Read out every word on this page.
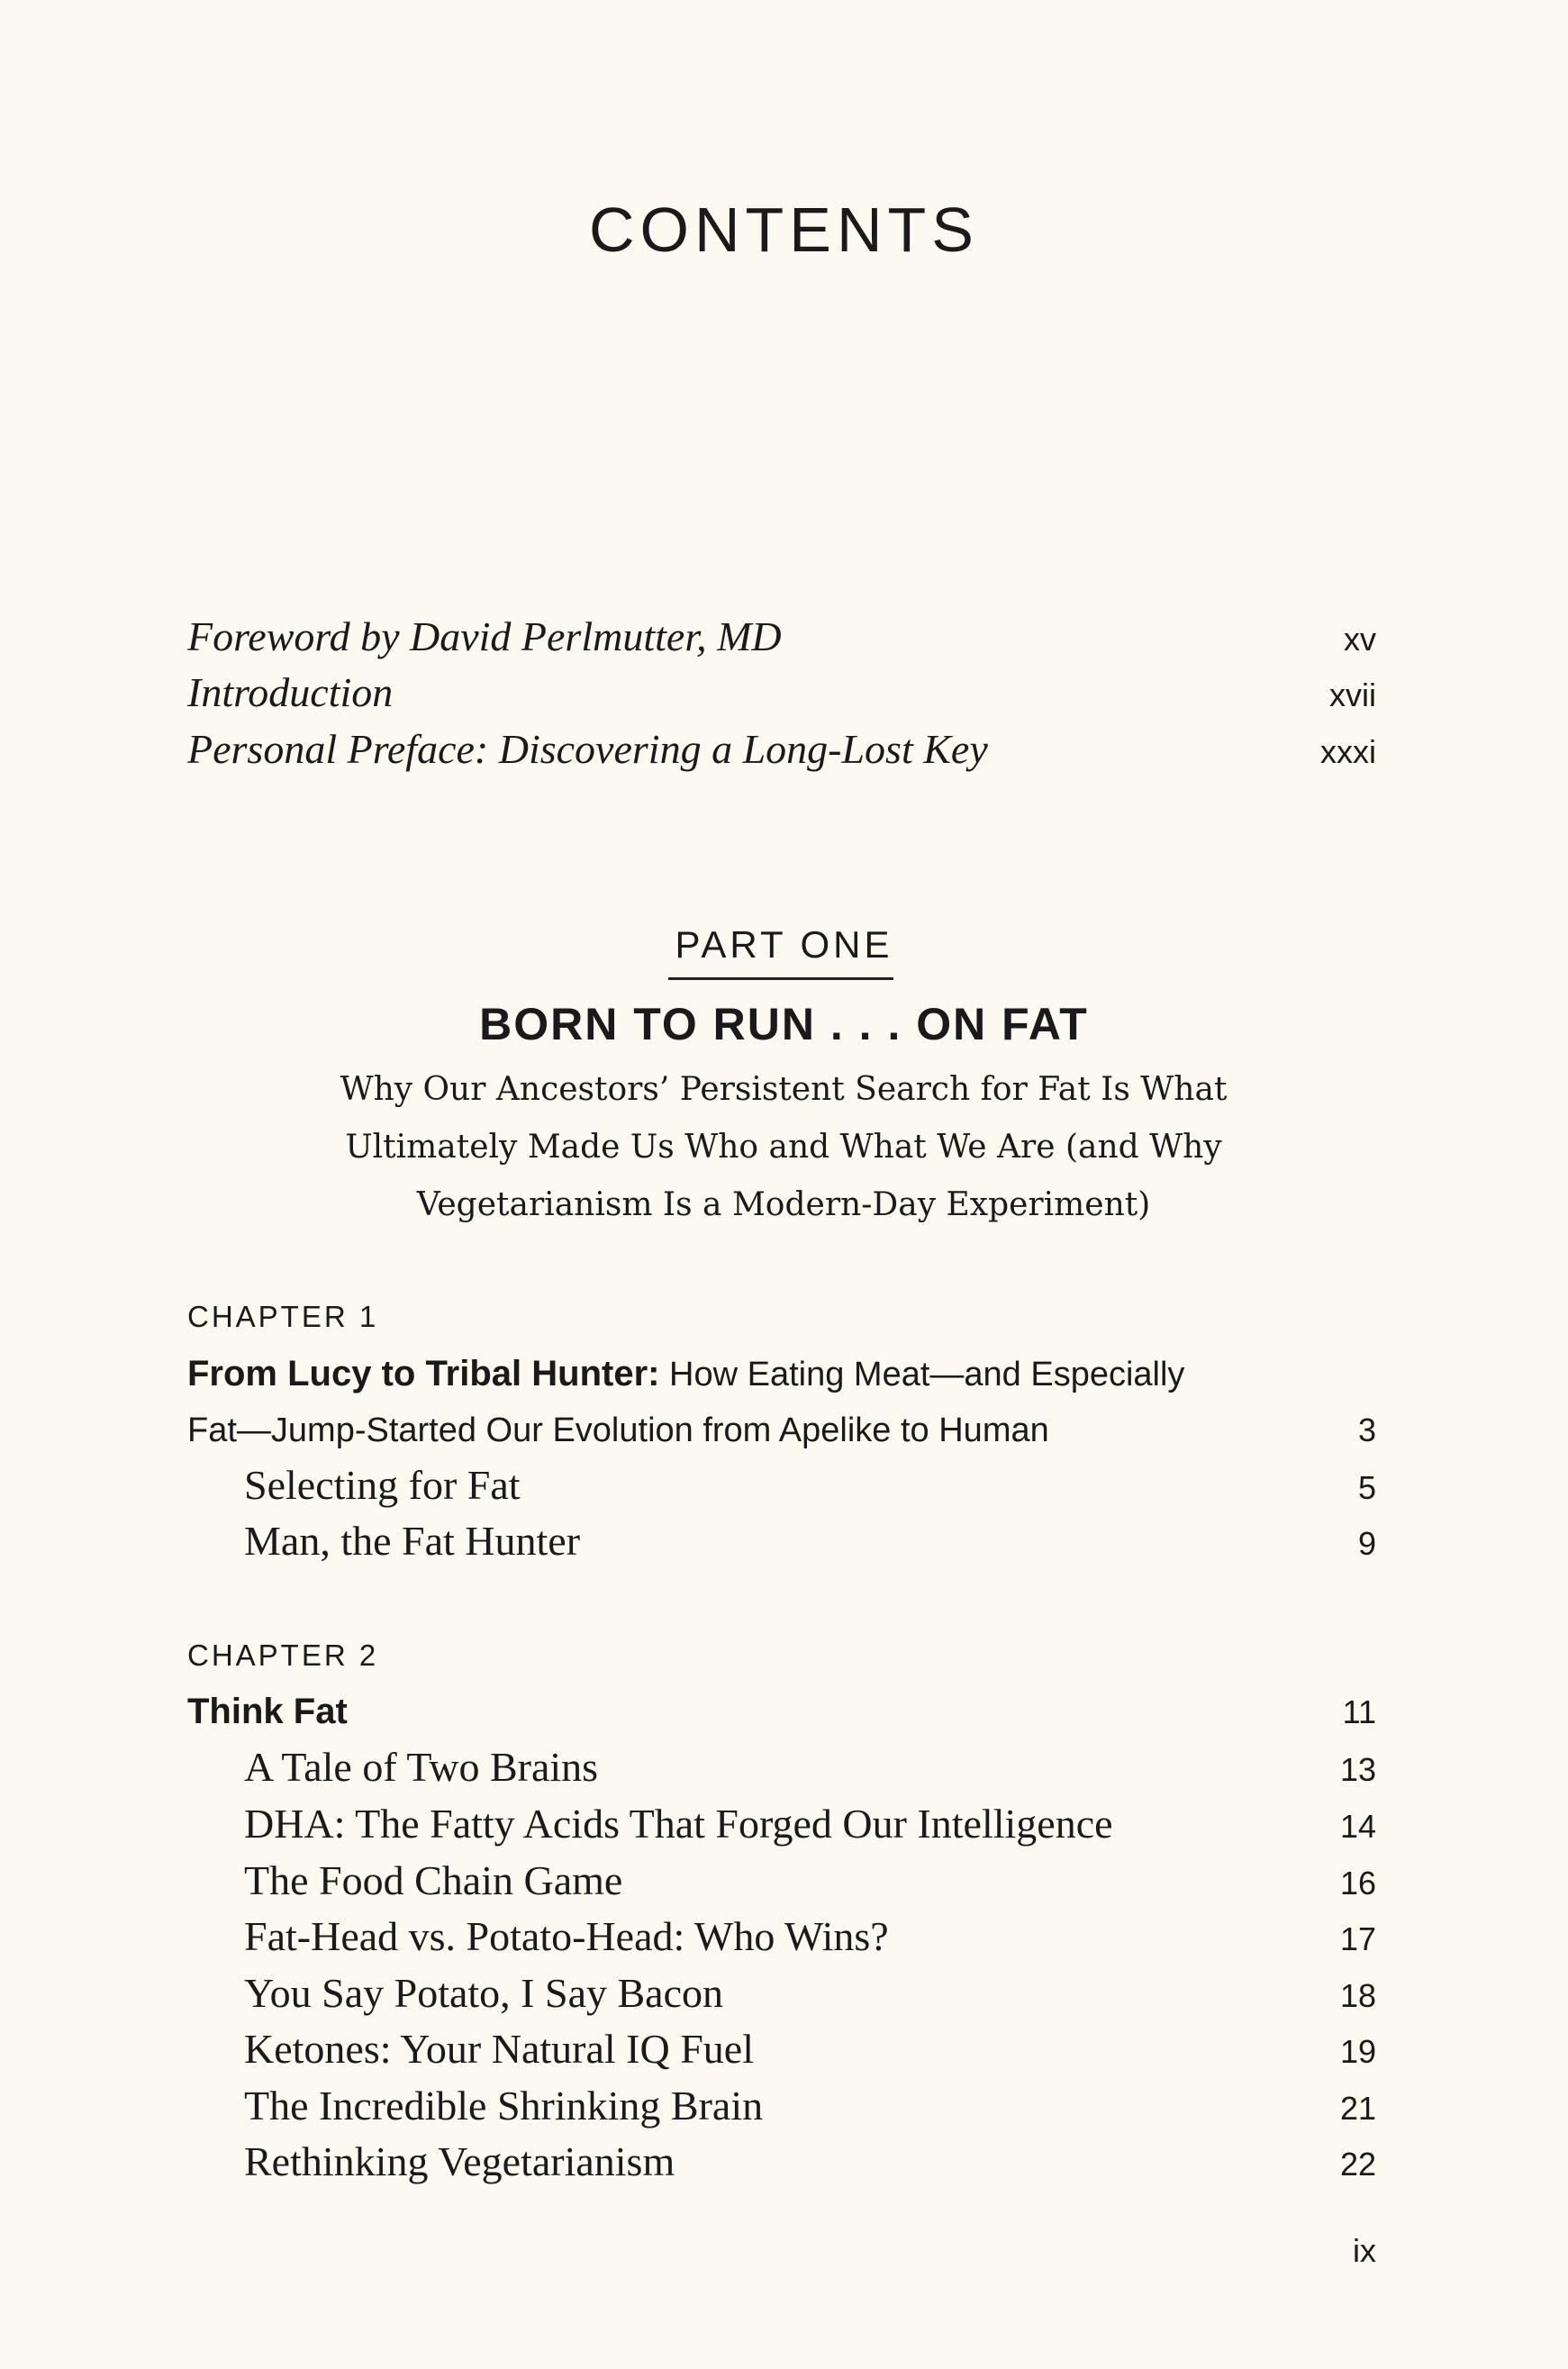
CONTENTS
Foreword by David Perlmutter, MD	xv
Introduction	xvii
Personal Preface: Discovering a Long-Lost Key	xxxi
PART ONE
BORN TO RUN . . . ON FAT
Why Our Ancestors’ Persistent Search for Fat Is What Ultimately Made Us Who and What We Are (and Why Vegetarianism Is a Modern-Day Experiment)
CHAPTER 1
From Lucy to Tribal Hunter: How Eating Meat—and Especially
Fat—Jump-Started Our Evolution from Apelike to Human	3
Selecting for Fat	5
Man, the Fat Hunter	9
CHAPTER 2
Think Fat	11
A Tale of Two Brains	13
DHA: The Fatty Acids That Forged Our Intelligence	14
The Food Chain Game	16
Fat-Head vs. Potato-Head: Who Wins?	17
You Say Potato, I Say Bacon	18
Ketones: Your Natural IQ Fuel	19
The Incredible Shrinking Brain	21
Rethinking Vegetarianism	22
ix
